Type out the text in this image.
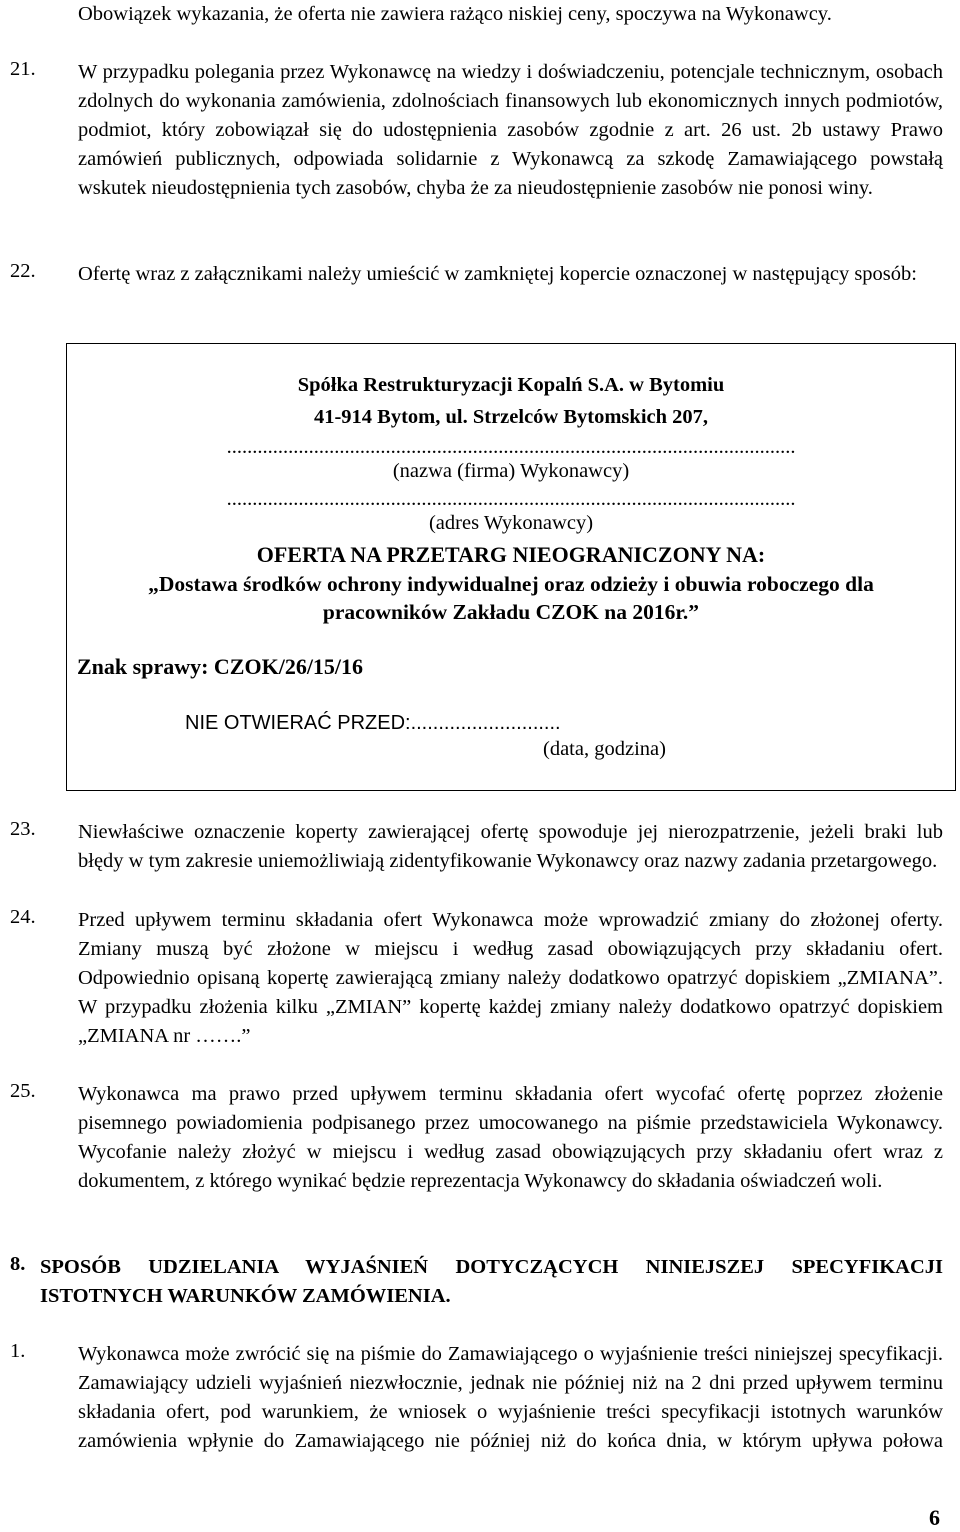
Obowiązek wykazania, że oferta nie zawiera rażąco niskiej ceny, spoczywa na Wykonawcy.
21. W przypadku polegania przez Wykonawcę na wiedzy i doświadczeniu, potencjale technicznym, osobach zdolnych do wykonania zamówienia, zdolnościach finansowych lub ekonomicznych innych podmiotów, podmiot, który zobowiązał się do udostępnienia zasobów zgodnie z art. 26 ust. 2b ustawy Prawo zamówień publicznych, odpowiada solidarnie z Wykonawcą za szkodę Zamawiającego powstałą wskutek nieudostępnienia tych zasobów, chyba że za nieudostępnienie zasobów nie ponosi winy.
22. Ofertę wraz z załącznikami należy umieścić w zamkniętej kopercie oznaczonej w następujący sposób:
Spółka Restrukturyzacji Kopalń S.A. w Bytomiu
41-914 Bytom, ul. Strzelców Bytomskich 207,
...............................................................................................................
(nazwa (firma) Wykonawcy)
...............................................................................................................
(adres Wykonawcy)
OFERTA NA PRZETARG NIEOGRANICZONY NA:
„Dostawa środków ochrony indywidualnej oraz odzieży i obuwia roboczego dla
pracowników Zakładu CZOK na 2016r.”
Znak sprawy: CZOK/26/15/16
NIE OTWIERAĆ PRZED:...........................
(data, godzina)
23. Niewłaściwe oznaczenie koperty zawierającej ofertę spowoduje jej nierozpatrzenie, jeżeli braki lub błędy w tym zakresie uniemożliwiają zidentyfikowanie Wykonawcy oraz nazwy zadania przetargowego.
24. Przed upływem terminu składania ofert Wykonawca może wprowadzić zmiany do złożonej oferty. Zmiany muszą być złożone w miejscu i według zasad obowiązujących przy składaniu ofert. Odpowiednio opisaną kopertę zawierającą zmiany należy dodatkowo opatrzyć dopiskiem „ZMIANA”. W przypadku złożenia kilku „ZMIAN” kopertę każdej zmiany należy dodatkowo opatrzyć dopiskiem „ZMIANA nr …….”
25. Wykonawca ma prawo przed upływem terminu składania ofert wycofać ofertę poprzez złożenie pisemnego powiadomienia podpisanego przez umocowanego na piśmie przedstawiciela Wykonawcy. Wycofanie należy złożyć w miejscu i według zasad obowiązujących przy składaniu ofert wraz z dokumentem, z którego wynikać będzie reprezentacja Wykonawcy do składania oświadczeń woli.
8. SPOSÓB UDZIELANIA WYJAŚNIEŃ DOTYCZĄCYCH NINIEJSZEJ SPECYFIKACJI ISTOTNYCH WARUNKÓW ZAMÓWIENIA.
1.	Wykonawca może zwrócić się na piśmie do Zamawiającego o wyjaśnienie treści niniejszej specyfikacji. Zamawiający udzieli wyjaśnień niezwłocznie, jednak nie później niż na 2 dni przed upływem terminu składania ofert, pod warunkiem, że wniosek o wyjaśnienie treści specyfikacji istotnych warunków zamówienia wpłynie do Zamawiającego nie później niż do końca dnia, w którym upływa połowa
6
